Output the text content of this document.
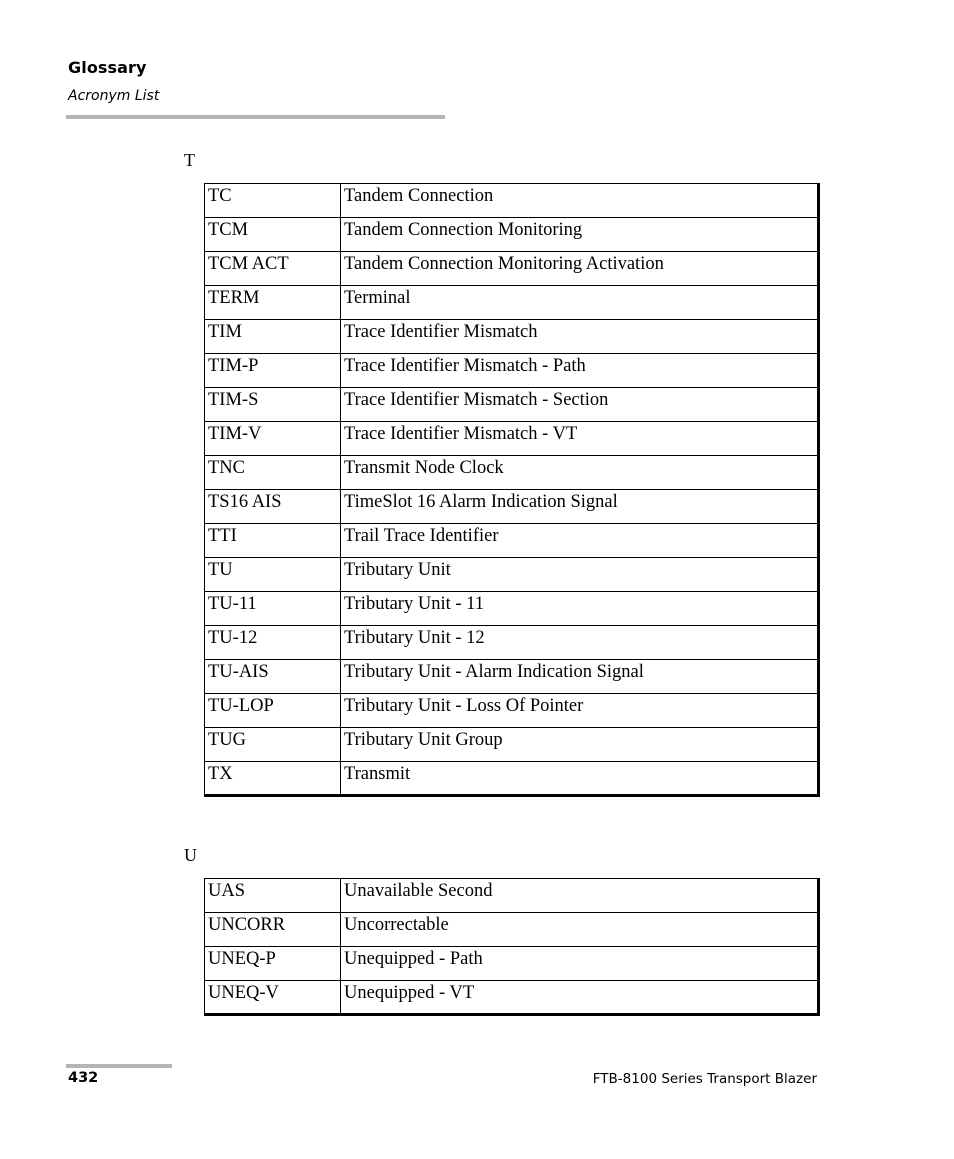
Glossary
Acronym List
T
TC	Tandem Connection
TCM	Tandem Connection Monitoring
TCM ACT	Tandem Connection Monitoring Activation
TERM	Terminal
TIM	Trace Identifier Mismatch
TIM-P	Trace Identifier Mismatch - Path
TIM-S	Trace Identifier Mismatch - Section
TIM-V	Trace Identifier Mismatch - VT
TNC	Transmit Node Clock
TS16 AIS	TimeSlot 16 Alarm Indication Signal
TTI	Trail Trace Identifier
TU	Tributary Unit
TU-11	Tributary Unit - 11
TU-12	Tributary Unit - 12
TU-AIS	Tributary Unit - Alarm Indication Signal
TU-LOP	Tributary Unit - Loss Of Pointer
TUG	Tributary Unit Group
TX	Transmit
U
UAS	Unavailable Second
UNCORR	Uncorrectable
UNEQ-P	Unequipped - Path
UNEQ-V	Unequipped - VT
432	FTB-8100 Series Transport Blazer
